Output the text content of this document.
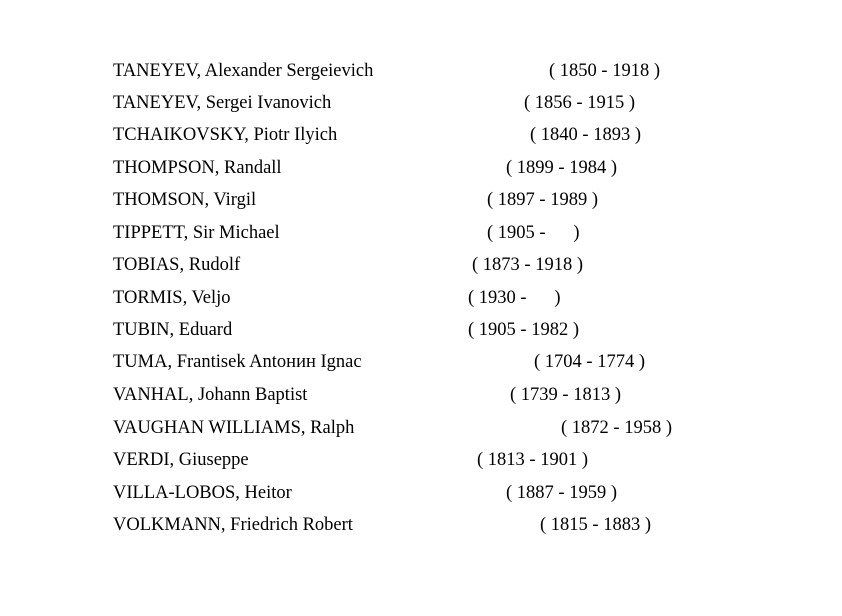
TANEYEV, Alexander Sergeievich

	( 1850 - 1918 )

TANEYEV, Sergei Ivanovich

	( 1856 - 1915 )

TCHAIKOVSKY, Piotr Ilyich

	( 1840 - 1893 )

THOMPSON, Randall

	( 1899 - 1984 )

THOMSON, Virgil

	( 1897 - 1989 )

TIPPETT, Sir Michael

	( 1905 -      )

TOBIAS, Rudolf

	( 1873 - 1918 )

TORMIS, Veljo

	( 1930 -      )

TUBIN, Eduard

	( 1905 - 1982 )

TUMA, Frantisek Antонин Ignac

	( 1704 - 1774 )

VANHAL, Johann Baptist

	( 1739 - 1813 )

VAUGHAN WILLIAMS, Ralph

	( 1872 - 1958 )

VERDI, Giuseppe

	( 1813 - 1901 )

VILLA-LOBOS, Heitor

	( 1887 - 1959 )

VOLKMANN, Friedrich Robert

	( 1815 - 1883 )
